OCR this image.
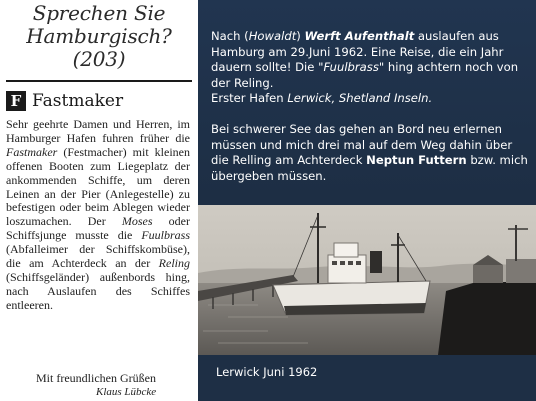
Sprechen Sie
Hamburgisch?
(203)
F Fastmaker
Sehr geehrte Damen und Herren, im Hamburger Hafen fuhren früher die Fastmaker (Festmacher) mit kleinen offenen Booten zum Liegeplatz der ankommenden Schiffe, um deren Leinen an der Pier (Anlegestelle) zu befestigen oder beim Ablegen wieder loszumachen. Der Moses oder Schiffsjunge musste die Fuulbrass (Abfalleimer der Schiffskombüse), die am Achterdeck an der Reling (Schiffsgeländer) außenbords hing, nach Auslaufen des Schiffes entleeren.
Mit freundlichen Grüßen
Klaus Lübcke

Nach (Howaldt) Werft Aufenthalt auslaufen aus Hamburg am 29.Juni 1962. Eine Reise, die ein Jahr dauern sollte! Die "Fuulbrass" hing achtern noch von der Reling.

Erster Hafen Lerwick, Shetland Inseln.

Bei schwerer See das gehen an Bord neu erlernen müssen und mich drei mal auf dem Weg dahin über die Relling am Achterdeck Neptun Futtern bzw. mich übergeben müssen.

Lerwick Juni 1962
